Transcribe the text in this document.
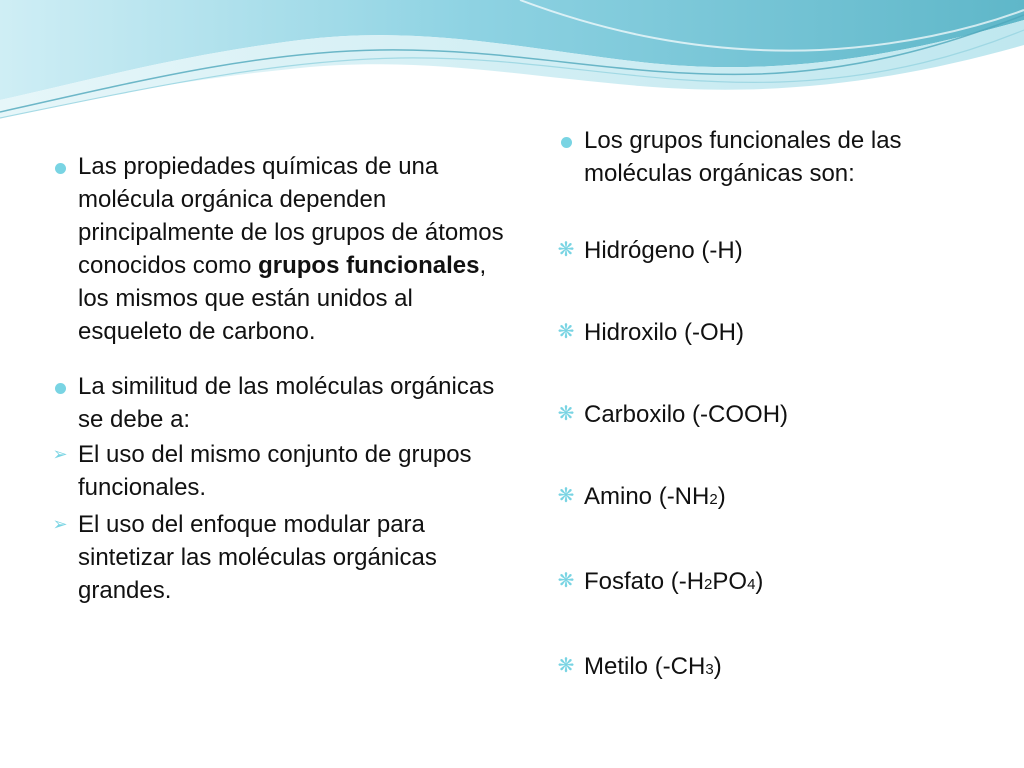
Las propiedades químicas de una molécula orgánica dependen principalmente de los grupos de átomos conocidos como grupos funcionales, los mismos que están unidos al esqueleto de carbono.
La similitud de las moléculas orgánicas se debe a:
➢ El uso del mismo conjunto de grupos funcionales.
➢ El uso del enfoque modular para sintetizar las moléculas orgánicas grandes.
Los grupos funcionales de las moléculas orgánicas son:
❋ Hidrógeno (-H)
❋ Hidroxilo (-OH)
❋ Carboxilo (-COOH)
❋ Amino (-NH2)
❋ Fosfato (-H2PO4)
❋ Metilo (-CH3)
